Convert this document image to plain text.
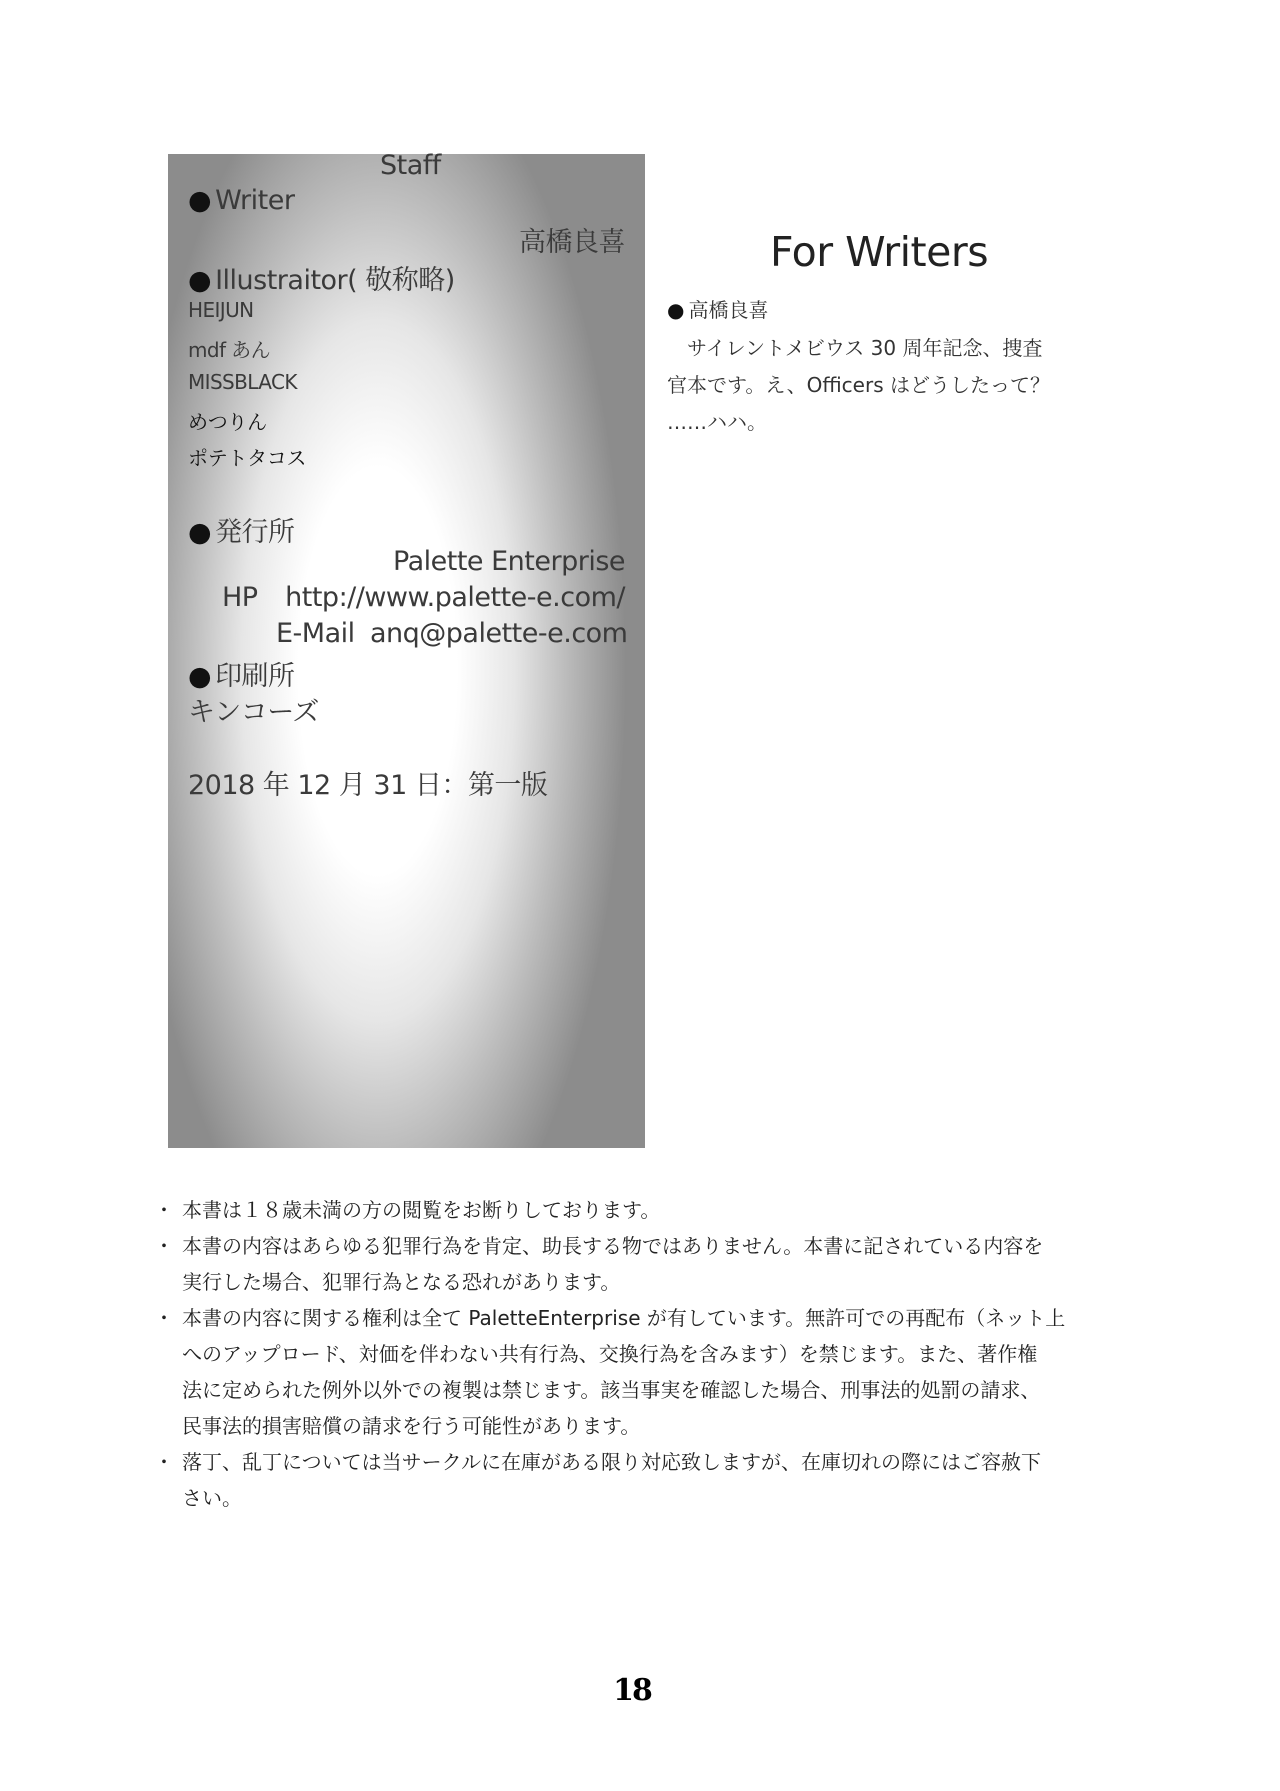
Staff
● Writer
高橋良喜
● Illustraitor( 敬称略)
HEIJUN
mdf あん
MISSBLACK
めつりん
ポテトタコス
● 発行所
Palette Enterprise
HP http://www.palette-e.com/
E-Mail anq@palette-e.com
● 印刷所
キンコーズ
2018 年 12 月 31 日：第一版
For Writers
● 高橋良喜

　サイレントメビウス 30 周年記念、捜査

官本です。え、Officers はどうしたって？

……ハハ。

・ 本書は１８歳未満の方の閲覧をお断りしております。
・ 本書の内容はあらゆる犯罪行為を肯定、助長する物ではありません。本書に記されている内容を
実行した場合、犯罪行為となる恐れがあります。
・ 本書の内容に関する権利は全て PaletteEnterprise が有しています。無許可での再配布（ネット上
へのアップロード、対価を伴わない共有行為、交換行為を含みます）を禁じます。また、著作権
法に定められた例外以外での複製は禁じます。該当事実を確認した場合、刑事法的処罰の請求、
民事法的損害賠償の請求を行う可能性があります。
・ 落丁、乱丁については当サークルに在庫がある限り対応致しますが、在庫切れの際にはご容赦下
さい。
18
